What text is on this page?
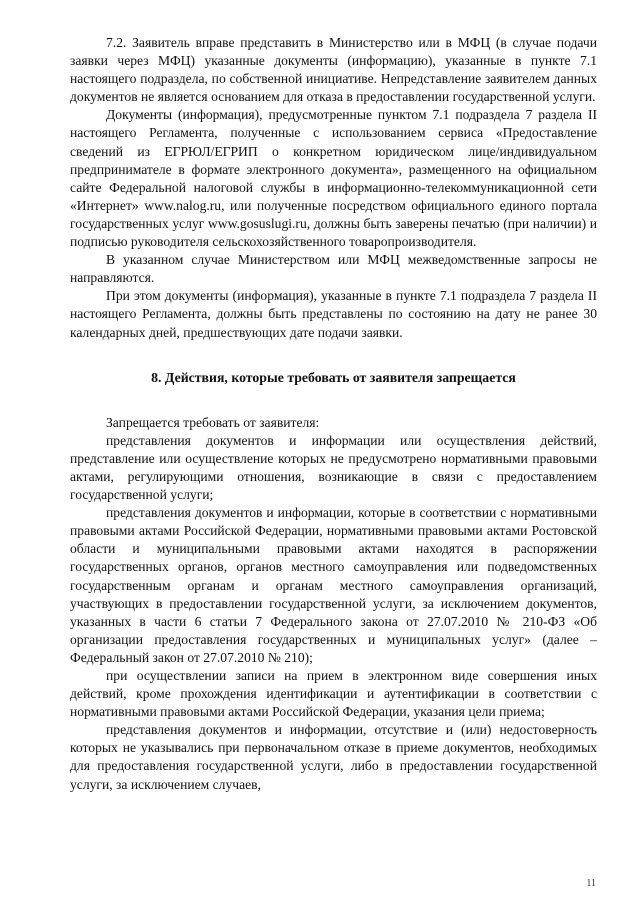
7.2. Заявитель вправе представить в Министерство или в МФЦ (в случае подачи заявки через МФЦ) указанные документы (информацию), указанные в пункте 7.1 настоящего подраздела, по собственной инициативе. Непредставление заявителем данных документов не является основанием для отказа в предоставлении государственной услуги.

Документы (информация), предусмотренные пунктом 7.1 подраздела 7 раздела II настоящего Регламента, полученные с использованием сервиса «Предоставление сведений из ЕГРЮЛ/ЕГРИП о конкретном юридическом лице/индивидуальном предпринимателе в формате электронного документа», размещенного на официальном сайте Федеральной налоговой службы в информационно-телекоммуникационной сети «Интернет» www.nalog.ru, или полученные посредством официального единого портала государственных услуг www.gosuslugi.ru, должны быть заверены печатью (при наличии) и подписью руководителя сельскохозяйственного товаропроизводителя.

В указанном случае Министерством или МФЦ межведомственные запросы не направляются.

При этом документы (информация), указанные в пункте 7.1 подраздела 7 раздела II настоящего Регламента, должны быть представлены по состоянию на дату не ранее 30 календарных дней, предшествующих дате подачи заявки.

8. Действия, которые требовать от заявителя запрещается

Запрещается требовать от заявителя:

представления документов и информации или осуществления действий, представление или осуществление которых не предусмотрено нормативными правовыми актами, регулирующими отношения, возникающие в связи с предоставлением государственной услуги;

представления документов и информации, которые в соответствии с нормативными правовыми актами Российской Федерации, нормативными правовыми актами Ростовской области и муниципальными правовыми актами находятся в распоряжении государственных органов, органов местного самоуправления или подведомственных государственным органам и органам местного самоуправления организаций, участвующих в предоставлении государственной услуги, за исключением документов, указанных в части 6 статьи 7 Федерального закона от 27.07.2010 № 210-ФЗ «Об организации предоставления государственных и муниципальных услуг» (далее – Федеральный закон от 27.07.2010 № 210);

при осуществлении записи на прием в электронном виде совершения иных действий, кроме прохождения идентификации и аутентификации в соответствии с нормативными правовыми актами Российской Федерации, указания цели приема;

представления документов и информации, отсутствие и (или) недостоверность которых не указывались при первоначальном отказе в приеме документов, необходимых для предоставления государственной услуги, либо в предоставлении государственной услуги, за исключением случаев,

11
